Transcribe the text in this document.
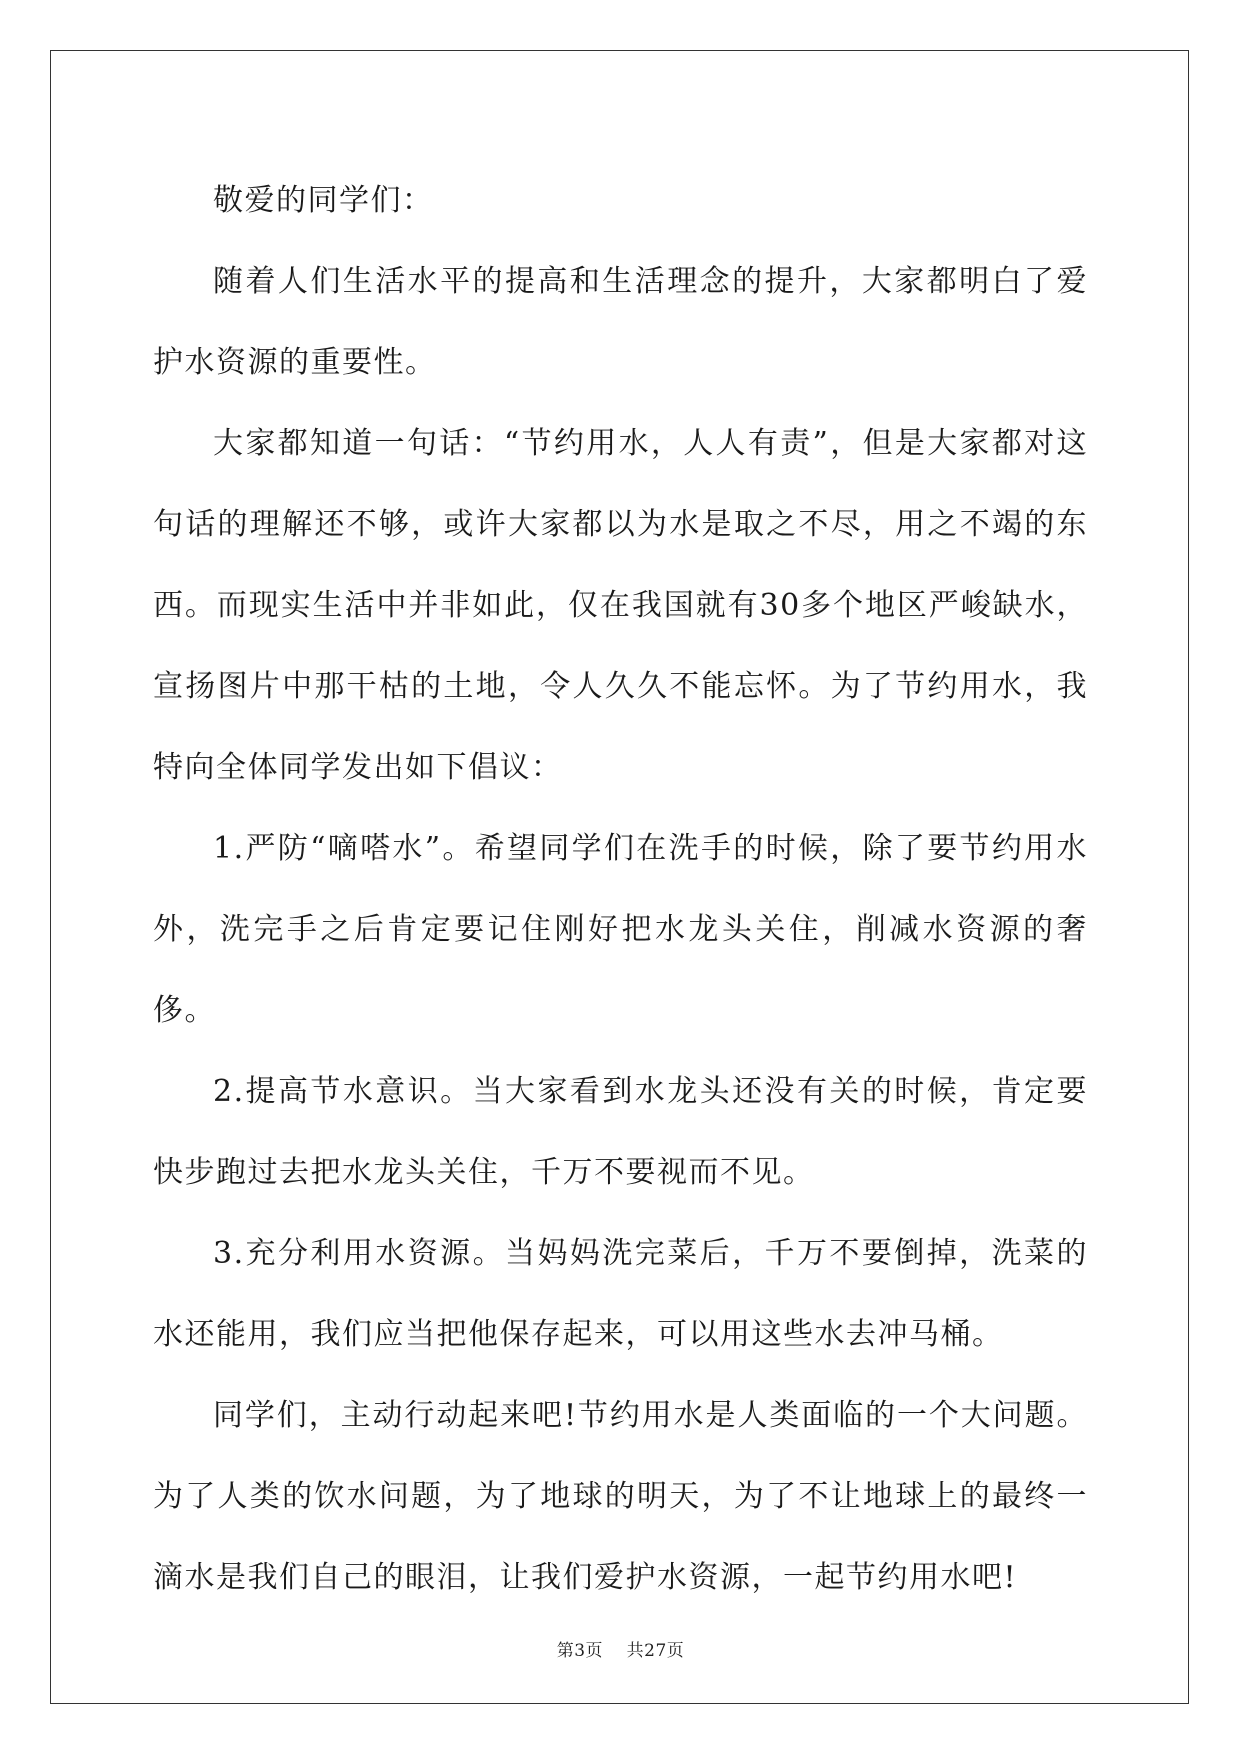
敬爱的同学们：

随着人们生活水平的提高和生活理念的提升，大家都明白了爱护水资源的重要性。

大家都知道一句话：“节约用水，人人有责”，但是大家都对这句话的理解还不够，或许大家都以为水是取之不尽，用之不竭的东西。而现实生活中并非如此，仅在我国就有30多个地区严峻缺水，宣扬图片中那干枯的土地，令人久久不能忘怀。为了节约用水，我特向全体同学发出如下倡议：

1.严防“嘀嗒水”。希望同学们在洗手的时候，除了要节约用水外，洗完手之后肯定要记住刚好把水龙头关住，削减水资源的奢侈。

2.提高节水意识。当大家看到水龙头还没有关的时候，肯定要快步跑过去把水龙头关住，千万不要视而不见。

3.充分利用水资源。当妈妈洗完菜后，千万不要倒掉，洗菜的水还能用，我们应当把他保存起来，可以用这些水去冲马桶。

同学们，主动行动起来吧!节约用水是人类面临的一个大问题。为了人类的饮水问题，为了地球的明天，为了不让地球上的最终一滴水是我们自己的眼泪，让我们爱护水资源，一起节约用水吧!

第3页 共27页
